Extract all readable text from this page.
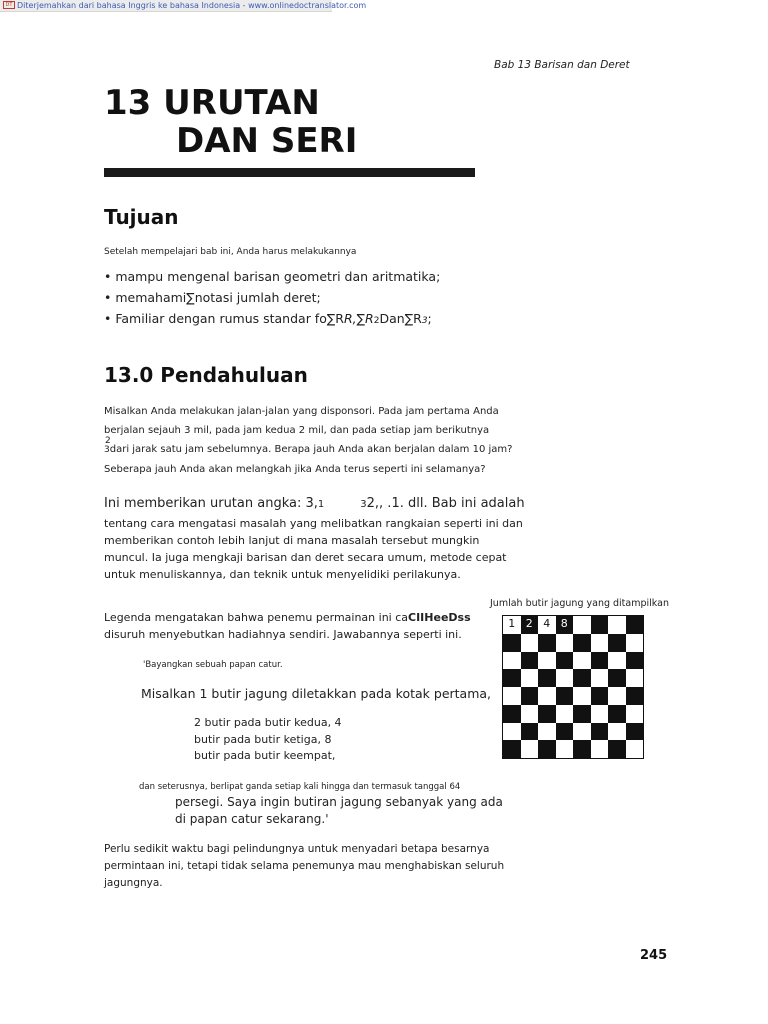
DT Diterjemahkan dari bahasa Inggris ke bahasa Indonesia - www.onlinedoctranslator.com
Bab 13 Barisan dan Deret
13 URUTAN
DAN SERI
Tujuan
Setelah mempelajari bab ini, Anda harus melakukannya
• mampu mengenal barisan geometri dan aritmatika;
• memahami∑notasi jumlah deret;
• Familiar dengan rumus standar fo∑RR,∑R2Dan∑R3;
13.0 Pendahuluan
Misalkan Anda melakukan jalan-jalan yang disponsori. Pada jam pertama Anda
berjalan sejauh 3 mil, pada jam kedua 2 mil, dan pada setiap jam berikutnya
2
3dari jarak satu jam sebelumnya. Berapa jauh Anda akan berjalan dalam 10 jam?
Seberapa jauh Anda akan melangkah jika Anda terus seperti ini selamanya?
Ini memberikan urutan angka: 3,1	32,, .1. dll. Bab ini adalah
tentang cara mengatasi masalah yang melibatkan rangkaian seperti ini dan
memberikan contoh lebih lanjut di mana masalah tersebut mungkin
muncul. Ia juga mengkaji barisan dan deret secara umum, metode cepat
untuk menuliskannya, dan teknik untuk menyelidiki perilakunya.
Legenda mengatakan bahwa penemu permainan ini caCIIHeeDss
disuruh menyebutkan hadiahnya sendiri. Jawabannya seperti ini.
'Bayangkan sebuah papan catur.
Misalkan 1 butir jagung diletakkan pada kotak pertama,
2 butir pada butir kedua, 4
butir pada butir ketiga, 8
butir pada butir keempat,
dan seterusnya, berlipat ganda setiap kali hingga dan termasuk tanggal 64
persegi. Saya ingin butiran jagung sebanyak yang ada
di papan catur sekarang.'
Perlu sedikit waktu bagi pelindungnya untuk menyadari betapa besarnya
permintaan ini, tetapi tidak selama penemunya mau menghabiskan seluruh
jagungnya.
Jumlah butir jagung yang ditampilkan
1 2 4 8
245
